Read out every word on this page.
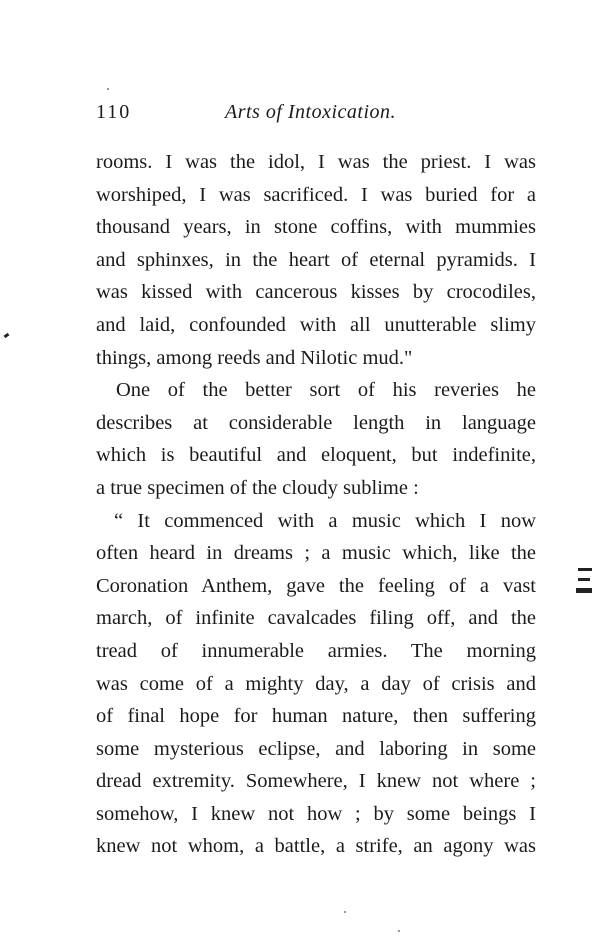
110	Arts of Intoxication.
rooms. I was the idol, I was the priest. I was
worshiped, I was sacrificed. I was buried for a
thousand years, in stone coffins, with mummies
and sphinxes, in the heart of eternal pyramids. I
was kissed with cancerous kisses by crocodiles,
and laid, confounded with all unutterable slimy
things, among reeds and Nilotic mud."
One of the better sort of his reveries he
describes at considerable length in language
which is beautiful and eloquent, but indefinite,
a true specimen of the cloudy sublime :
“ It commenced with a music which I now
often heard in dreams ; a music which, like the
Coronation Anthem, gave the feeling of a vast
march, of infinite cavalcades filing off, and the
tread of innumerable armies. The morning
was come of a mighty day, a day of crisis and
of final hope for human nature, then suffering
some mysterious eclipse, and laboring in some
dread extremity. Somewhere, I knew not where ;
somehow, I knew not how ; by some beings I
knew not whom, a battle, a strife, an agony was
